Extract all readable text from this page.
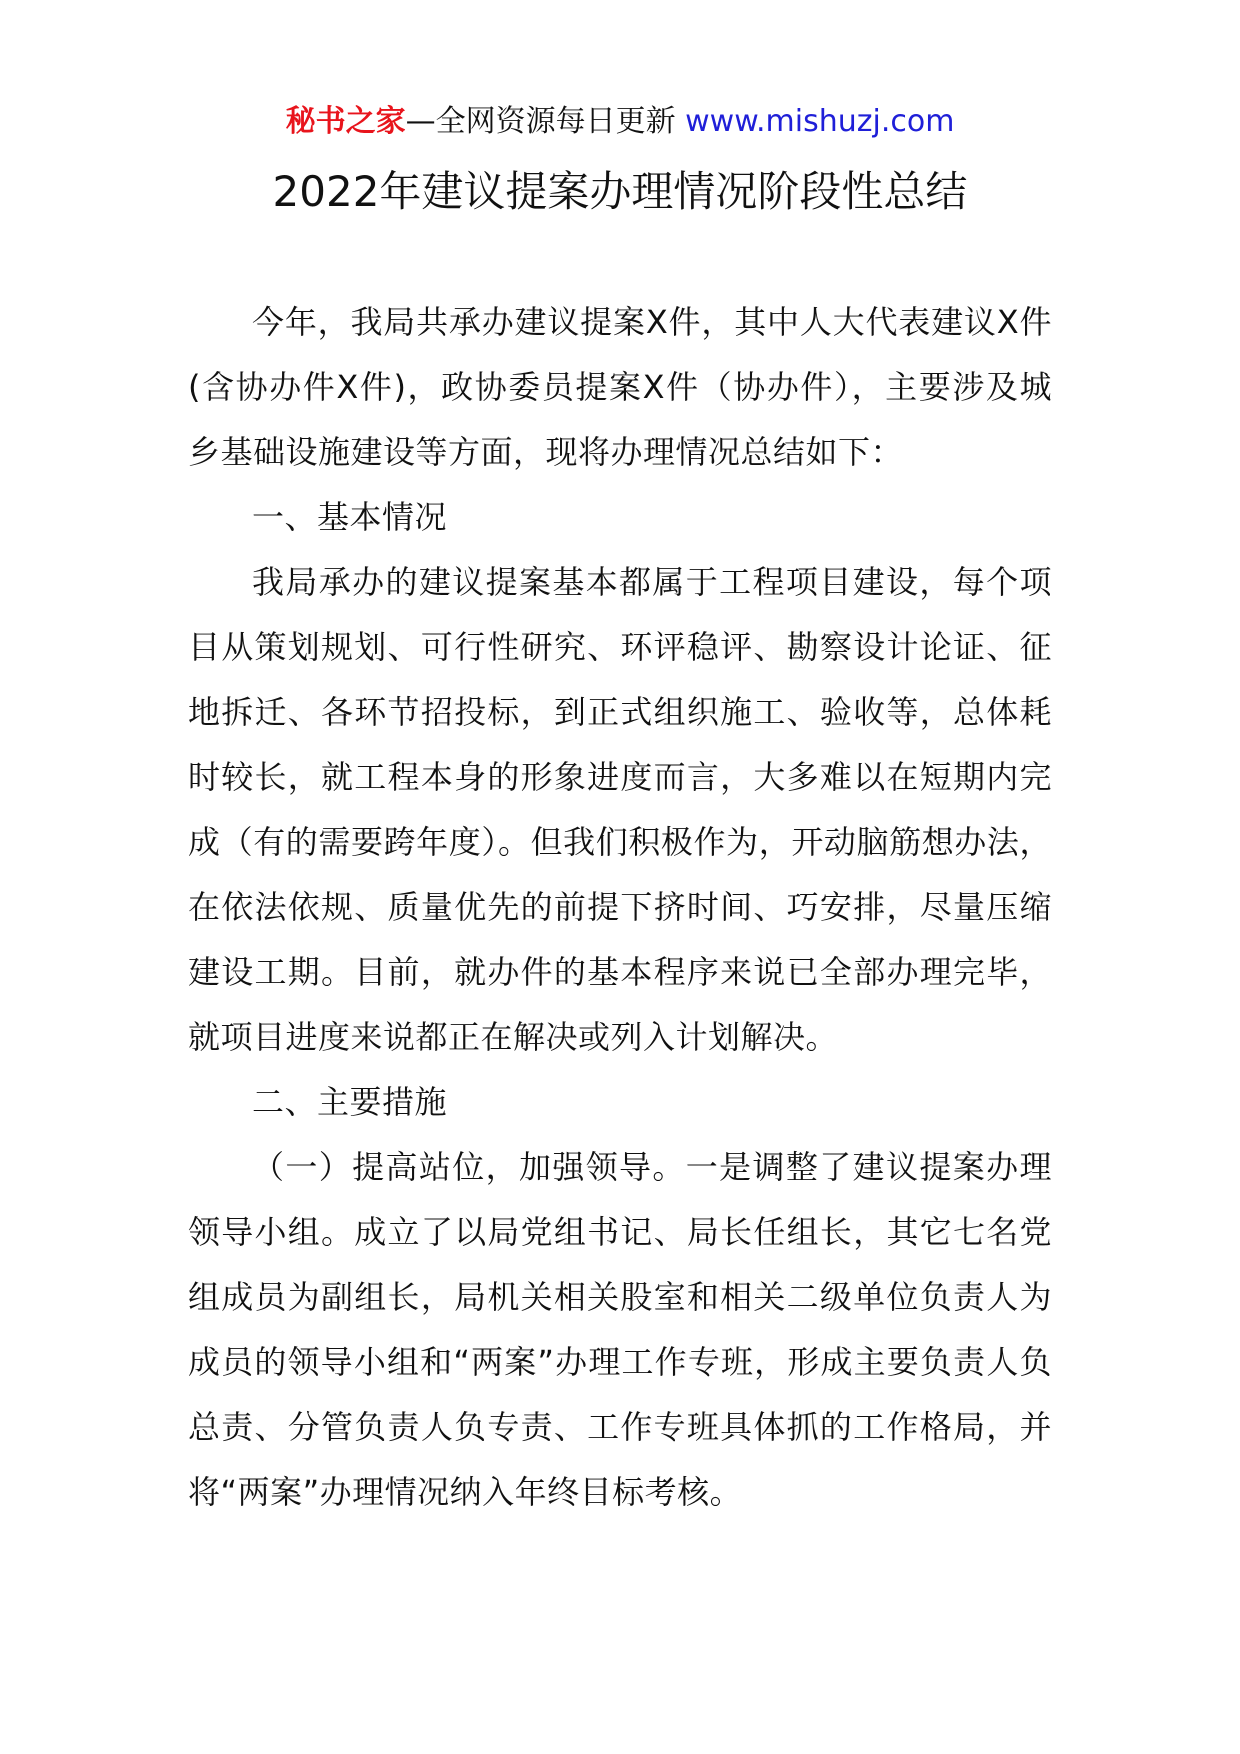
秘书之家—全网资源每日更新 www.mishuzj.com
2022年建议提案办理情况阶段性总结

今年，我局共承办建议提案X件，其中人大代表建议X件(含协办件X件)，政协委员提案X件（协办件），主要涉及城乡基础设施建设等方面，现将办理情况总结如下：

一、基本情况

我局承办的建议提案基本都属于工程项目建设，每个项目从策划规划、可行性研究、环评稳评、勘察设计论证、征地拆迁、各环节招投标，到正式组织施工、验收等，总体耗时较长，就工程本身的形象进度而言，大多难以在短期内完成（有的需要跨年度）。但我们积极作为，开动脑筋想办法，在依法依规、质量优先的前提下挤时间、巧安排，尽量压缩建设工期。目前，就办件的基本程序来说已全部办理完毕，就项目进度来说都正在解决或列入计划解决。

二、主要措施

（一）提高站位，加强领导。一是调整了建议提案办理领导小组。成立了以局党组书记、局长任组长，其它七名党组成员为副组长，局机关相关股室和相关二级单位负责人为成员的领导小组和“两案”办理工作专班，形成主要负责人负总责、分管负责人负专责、工作专班具体抓的工作格局，并将“两案”办理情况纳入年终目标考核。
